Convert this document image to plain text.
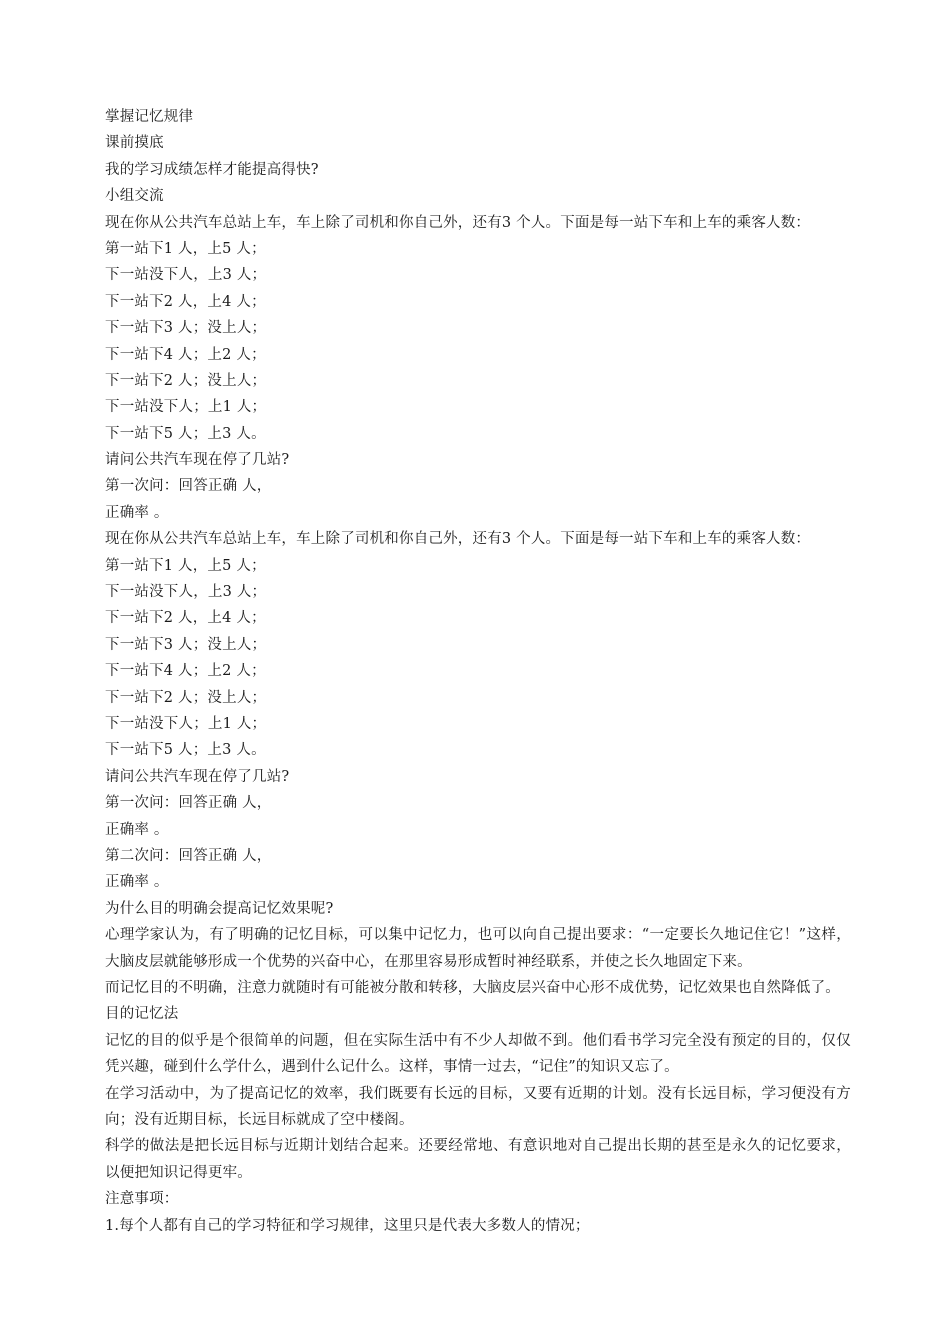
掌握记忆规律
课前摸底
我的学习成绩怎样才能提高得快?
小组交流
现在你从公共汽车总站上车，车上除了司机和你自己外，还有3 个人。下面是每一站下车和上车的乘客人数：
第一站下1 人，上5 人；
下一站没下人，上3 人；
下一站下2 人，上4 人；
下一站下3 人；没上人；
下一站下4 人；上2 人；
下一站下2 人；没上人；
下一站没下人；上1 人；
下一站下5 人；上3 人。
请问公共汽车现在停了几站?
第一次问：回答正确 人，
正确率 。
现在你从公共汽车总站上车，车上除了司机和你自己外，还有3 个人。下面是每一站下车和上车的乘客人数：
第一站下1 人，上5 人；
下一站没下人，上3 人；
下一站下2 人，上4 人；
下一站下3 人；没上人；
下一站下4 人；上2 人；
下一站下2 人；没上人；
下一站没下人；上1 人；
下一站下5 人；上3 人。
请问公共汽车现在停了几站?
第一次问：回答正确 人，
正确率 。
第二次问：回答正确 人，
正确率 。
为什么目的明确会提高记忆效果呢?
心理学家认为，有了明确的记忆目标，可以集中记忆力，也可以向自己提出要求：“一定要长久地记住它！”这样，大脑皮层就能够形成一个优势的兴奋中心，在那里容易形成暂时神经联系，并使之长久地固定下来。
而记忆目的不明确，注意力就随时有可能被分散和转移，大脑皮层兴奋中心形不成优势，记忆效果也自然降低了。
目的记忆法
记忆的目的似乎是个很简单的问题，但在实际生活中有不少人却做不到。他们看书学习完全没有预定的目的，仅仅凭兴趣，碰到什么学什么，遇到什么记什么。这样，事情一过去，“记住”的知识又忘了。
在学习活动中，为了提高记忆的效率，我们既要有长远的目标，又要有近期的计划。没有长远目标，学习便没有方向；没有近期目标，长远目标就成了空中楼阁。
科学的做法是把长远目标与近期计划结合起来。还要经常地、有意识地对自己提出长期的甚至是永久的记忆要求，以便把知识记得更牢。
注意事项：
1.每个人都有自己的学习特征和学习规律，这里只是代表大多数人的情况；
